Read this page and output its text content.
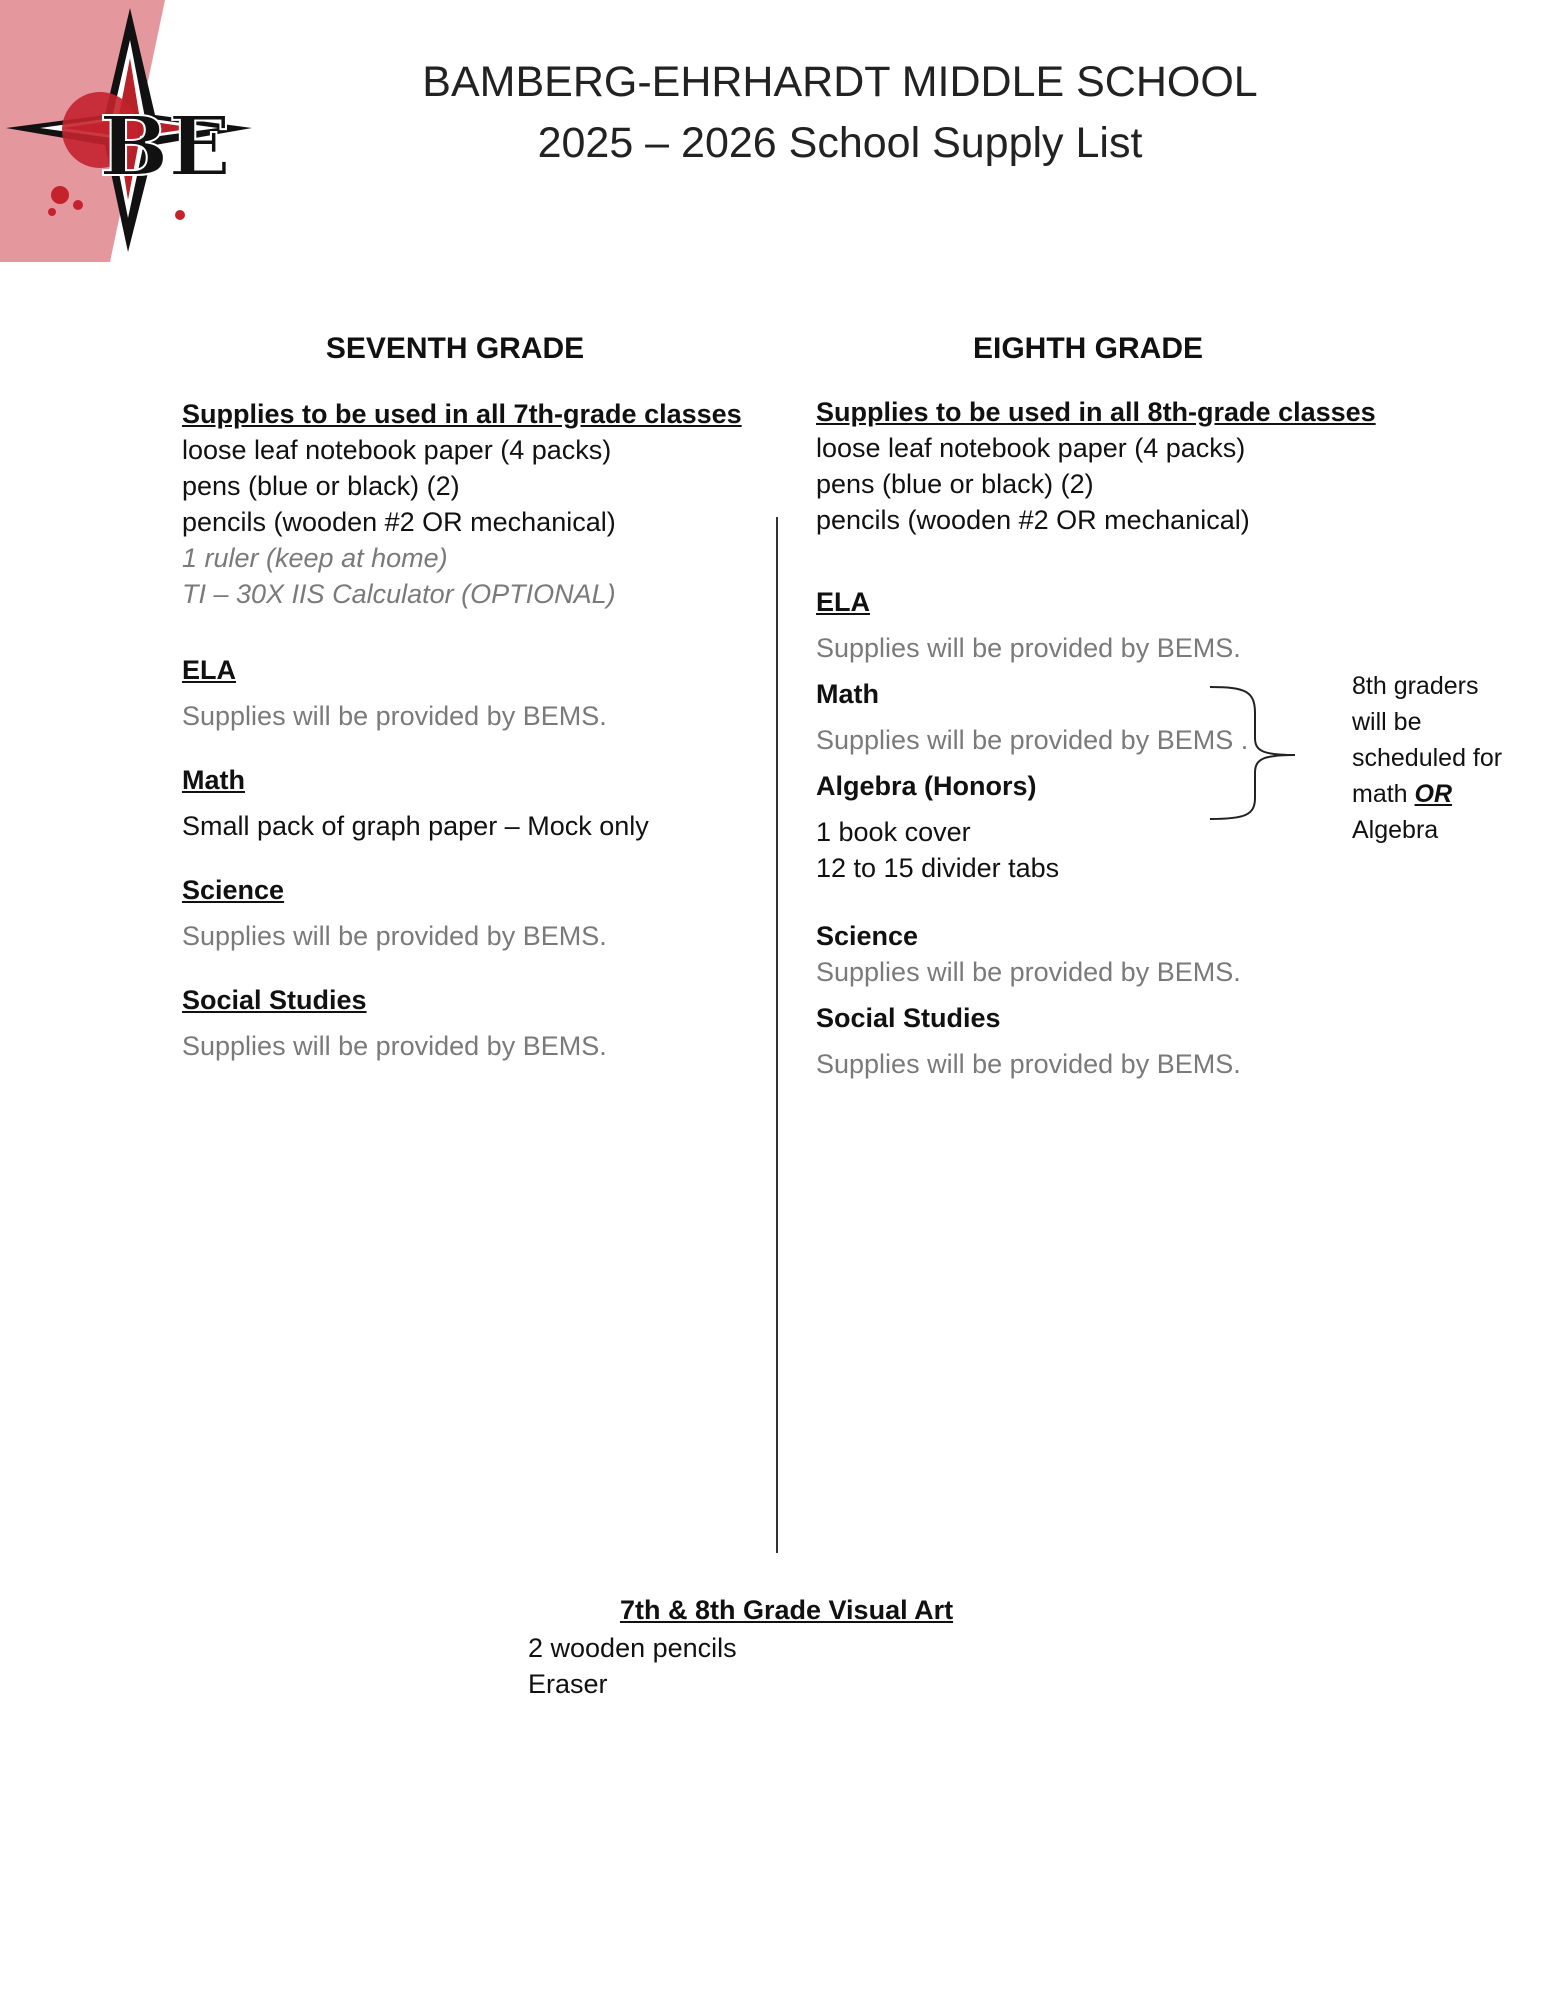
BE
BAMBERG-EHRHARDT MIDDLE SCHOOL
2025 – 2026 School Supply List
SEVENTH GRADE	EIGHTH GRADE
Supplies to be used in all 7th-grade classes
loose leaf notebook paper (4 packs)
pens (blue or black) (2)
pencils (wooden #2 OR mechanical)
1 ruler (keep at home)
TI – 30X IIS Calculator (OPTIONAL)
ELA
Supplies will be provided by BEMS.
Math
Small pack of graph paper – Mock only
Science
Supplies will be provided by BEMS.
Social Studies
Supplies will be provided by BEMS.
Supplies to be used in all 8th-grade classes
loose leaf notebook paper (4 packs)
pens (blue or black) (2)
pencils (wooden #2 OR mechanical)
ELA
Supplies will be provided by BEMS.
Math
Supplies will be provided by BEMS .
Algebra (Honors)
1 book cover
12 to 15 divider tabs
Science
Supplies will be provided by BEMS.
Social Studies
Supplies will be provided by BEMS.
8th graders
will be
scheduled for
math OR
Algebra
7th & 8th Grade Visual Art
2 wooden pencils
Eraser
